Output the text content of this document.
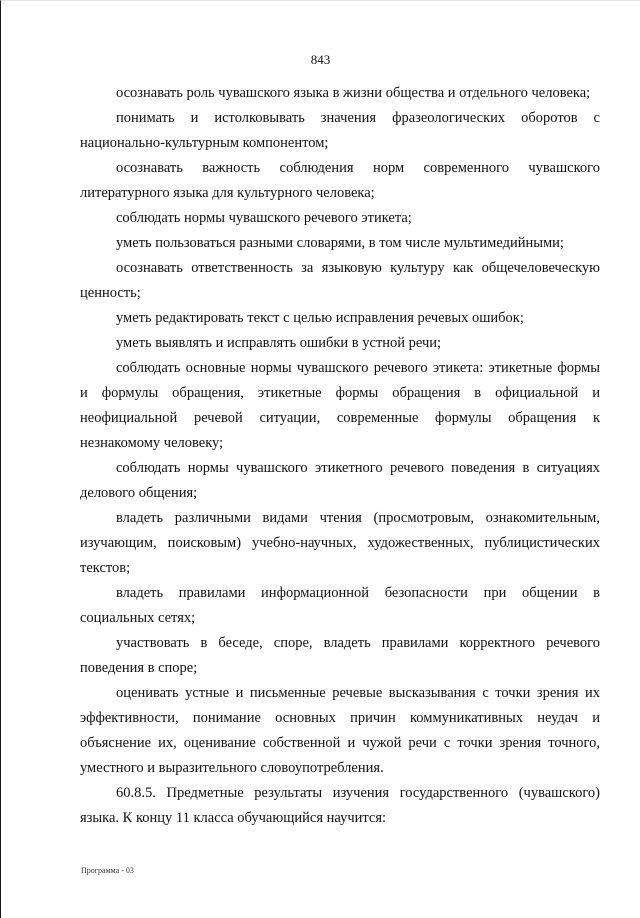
843

осознавать роль чувашского языка в жизни общества и отдельного человека;

понимать и истолковывать значения фразеологических оборотов с национально-культурным компонентом;

осознавать важность соблюдения норм современного чувашского литературного языка для культурного человека;

соблюдать нормы чувашского речевого этикета;

уметь пользоваться разными словарями, в том числе мультимедийными;

осознавать ответственность за языковую культуру как общечеловеческую ценность;

уметь редактировать текст с целью исправления речевых ошибок;

уметь выявлять и исправлять ошибки в устной речи;

соблюдать основные нормы чувашского речевого этикета: этикетные формы и формулы обращения, этикетные формы обращения в официальной и неофициальной речевой ситуации, современные формулы обращения к незнакомому человеку;

соблюдать нормы чувашского этикетного речевого поведения в ситуациях делового общения;

владеть различными видами чтения (просмотровым, ознакомительным, изучающим, поисковым) учебно-научных, художественных, публицистических текстов;

владеть правилами информационной безопасности при общении в социальных сетях;

участвовать в беседе, споре, владеть правилами корректного речевого поведения в споре;

оценивать устные и письменные речевые высказывания с точки зрения их эффективности, понимание основных причин коммуникативных неудач и объяснение их, оценивание собственной и чужой речи с точки зрения точного, уместного и выразительного словоупотребления.

60.8.5. Предметные результаты изучения государственного (чувашского) языка. К концу 11 класса обучающийся научится:

Программа - 03
